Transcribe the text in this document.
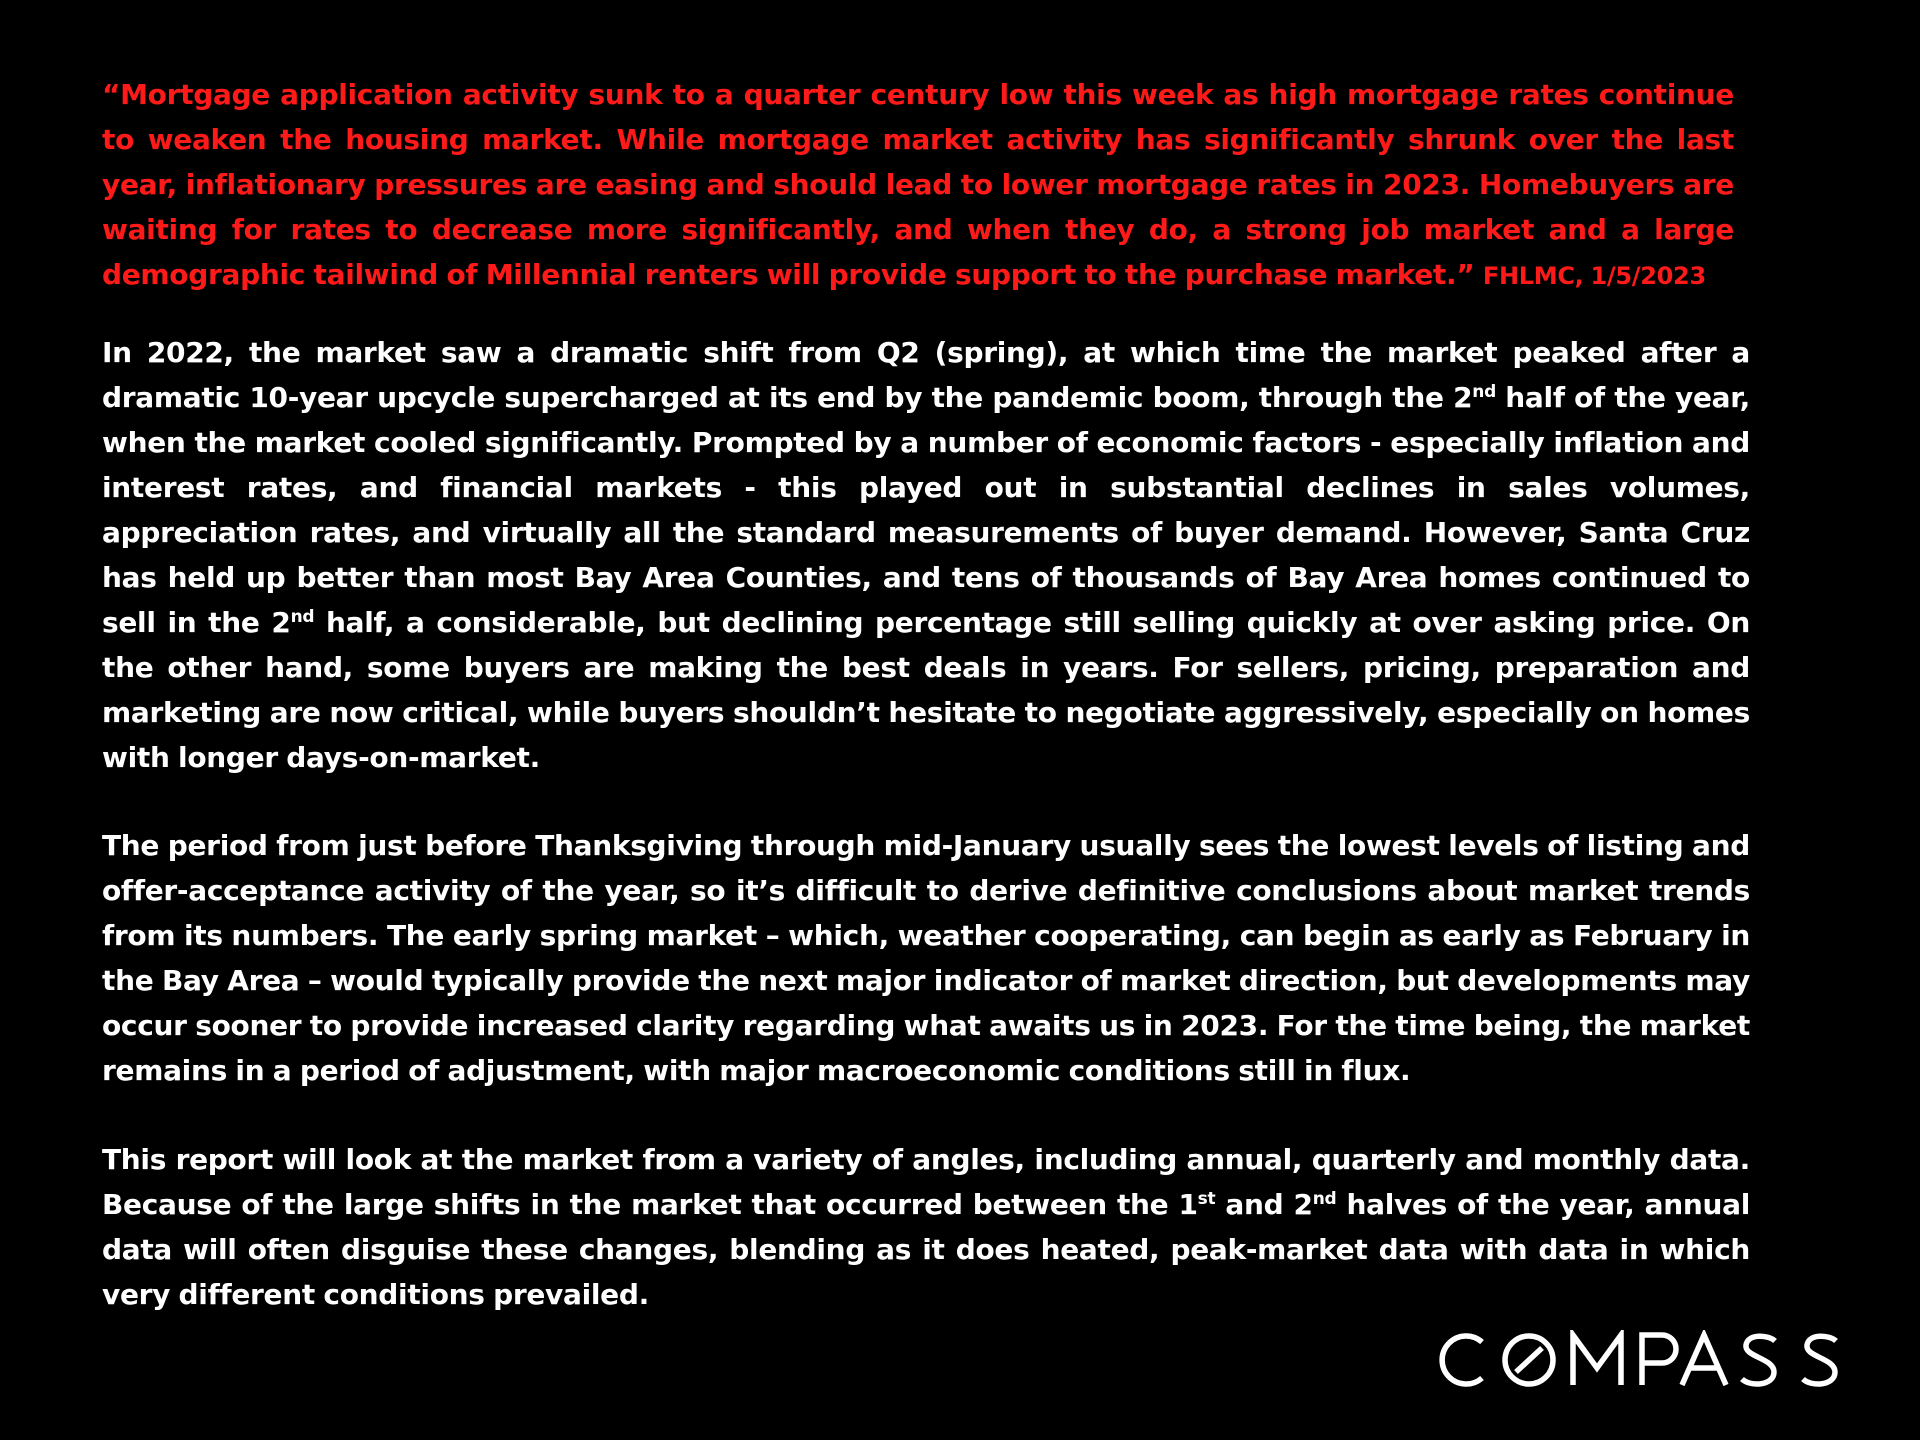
“Mortgage application activity sunk to a quarter century low this week as high mortgage rates continue to weaken the housing market. While mortgage market activity has significantly shrunk over the last year, inflationary pressures are easing and should lead to lower mortgage rates in 2023. Homebuyers are waiting for rates to decrease more significantly, and when they do, a strong job market and a large demographic tailwind of Millennial renters will provide support to the purchase market.” FHLMC, 1/5/2023
In 2022, the market saw a dramatic shift from Q2 (spring), at which time the market peaked after a dramatic 10-year upcycle supercharged at its end by the pandemic boom, through the 2nd half of the year, when the market cooled significantly. Prompted by a number of economic factors - especially inflation and interest rates, and financial markets - this played out in substantial declines in sales volumes, appreciation rates, and virtually all the standard measurements of buyer demand. However, Santa Cruz has held up better than most Bay Area Counties, and tens of thousands of Bay Area homes continued to sell in the 2nd half, a considerable, but declining percentage still selling quickly at over asking price. On the other hand, some buyers are making the best deals in years. For sellers, pricing, preparation and marketing are now critical, while buyers shouldn’t hesitate to negotiate aggressively, especially on homes with longer days-on-market.
The period from just before Thanksgiving through mid-January usually sees the lowest levels of listing and offer-acceptance activity of the year, so it’s difficult to derive definitive conclusions about market trends from its numbers. The early spring market – which, weather cooperating, can begin as early as February in the Bay Area – would typically provide the next major indicator of market direction, but developments may occur sooner to provide increased clarity regarding what awaits us in 2023. For the time being, the market remains in a period of adjustment, with major macroeconomic conditions still in flux.
This report will look at the market from a variety of angles, including annual, quarterly and monthly data. Because of the large shifts in the market that occurred between the 1st and 2nd halves of the year, annual data will often disguise these changes, blending as it does heated, peak-market data with data in which very different conditions prevailed.
COMPASS
